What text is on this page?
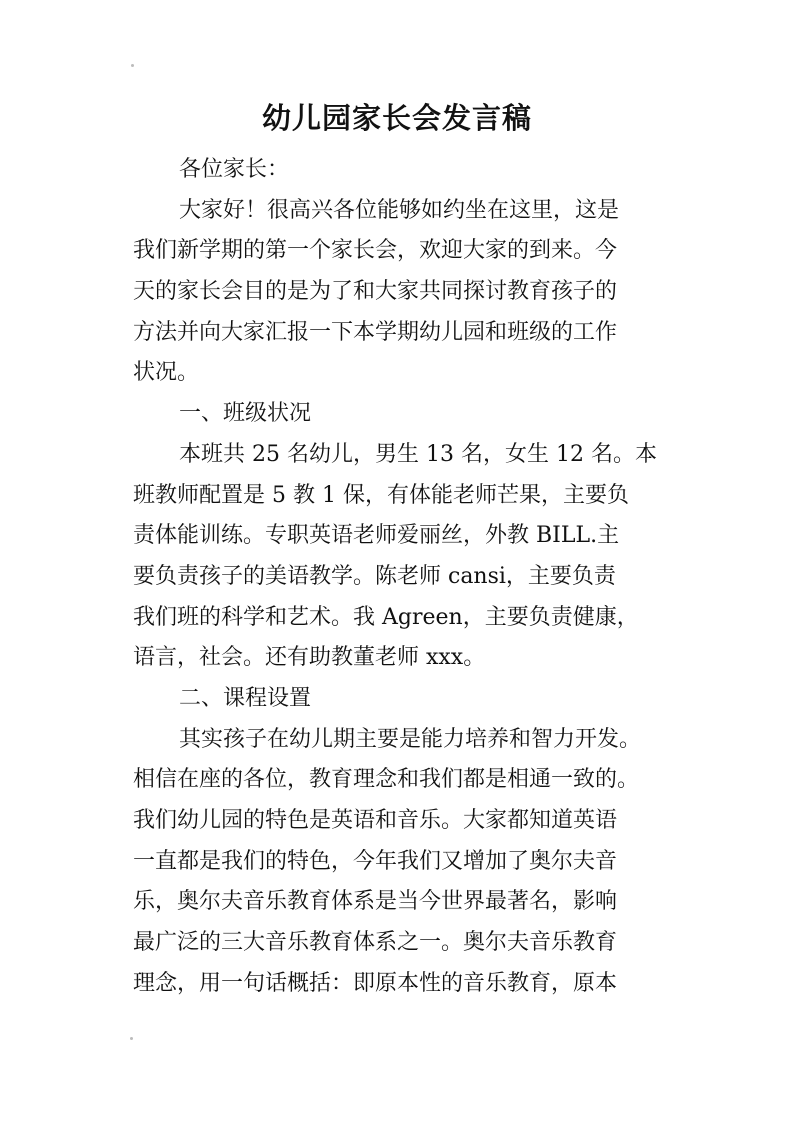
幼儿园家长会发言稿
各位家长：
大家好！很高兴各位能够如约坐在这里，这是
我们新学期的第一个家长会，欢迎大家的到来。今
天的家长会目的是为了和大家共同探讨教育孩子的
方法并向大家汇报一下本学期幼儿园和班级的工作
状况。
一、班级状况
本班共 25 名幼儿，男生 13 名，女生 12 名。本
班教师配置是 5 教 1 保，有体能老师芒果，主要负
责体能训练。专职英语老师爱丽丝，外教 BILL.主
要负责孩子的美语教学。陈老师 cansi，主要负责
我们班的科学和艺术。我 Agreen，主要负责健康，
语言，社会。还有助教董老师 xxx。
二、课程设置
其实孩子在幼儿期主要是能力培养和智力开发。
相信在座的各位，教育理念和我们都是相通一致的。
我们幼儿园的特色是英语和音乐。大家都知道英语
一直都是我们的特色，今年我们又增加了奥尔夫音
乐，奥尔夫音乐教育体系是当今世界最著名，影响
最广泛的三大音乐教育体系之一。奥尔夫音乐教育
理念，用一句话概括：即原本性的音乐教育，原本
